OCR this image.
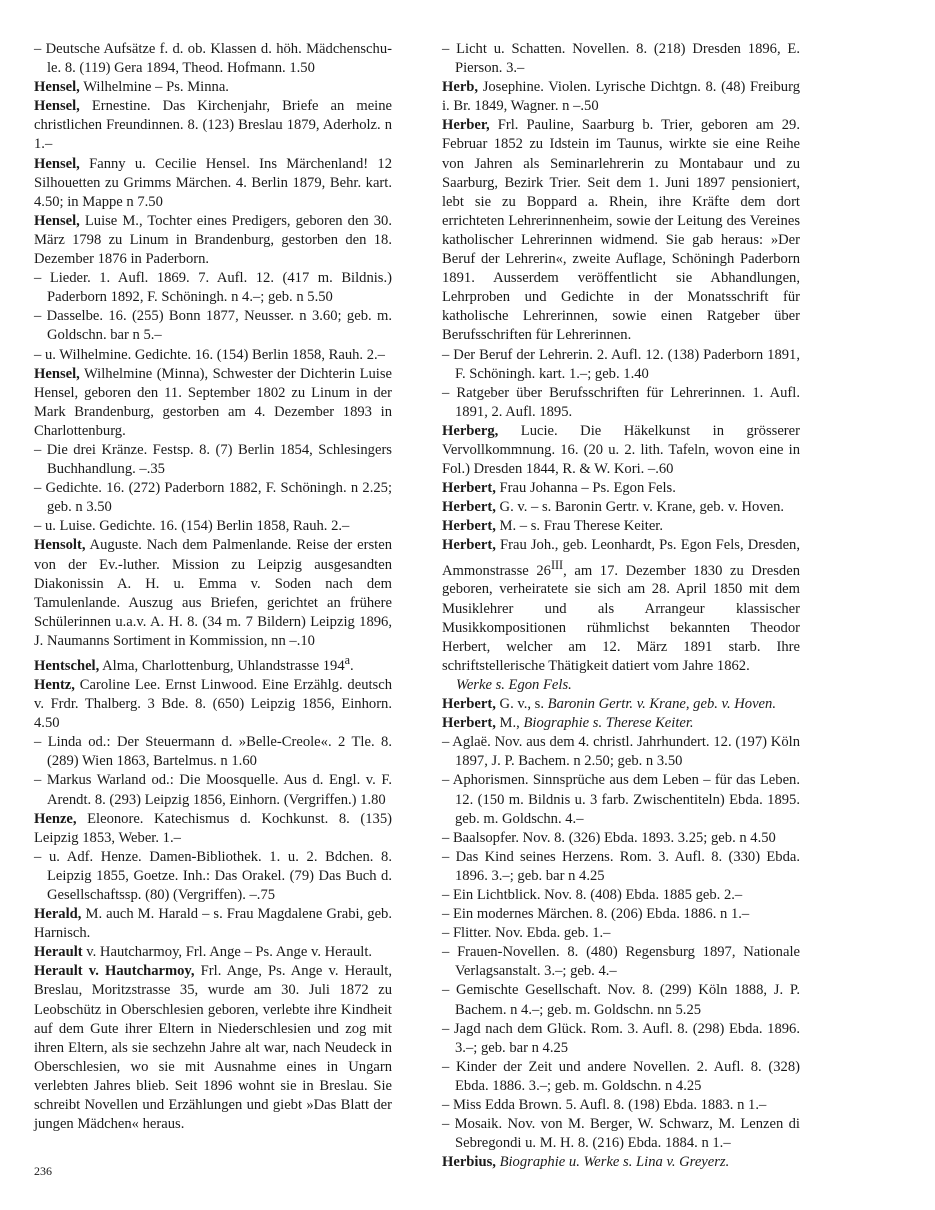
– Deutsche Aufsätze f. d. ob. Klassen d. höh. Mädchenschu-le. 8. (119) Gera 1894, Theod. Hofmann. 1.50

Hensel, Wilhelmine – Ps. Minna.

Hensel, Ernestine. Das Kirchenjahr, Briefe an meine christlichen Freundinnen. 8. (123) Breslau 1879, Aderholz. n 1.–

Hensel, Fanny u. Cecilie Hensel. Ins Märchenland! 12 Silhouetten zu Grimms Märchen. 4. Berlin 1879, Behr. kart. 4.50; in Mappe n 7.50

Hensel, Luise M., Tochter eines Predigers, geboren den 30. März 1798 zu Linum in Brandenburg, gestorben den 18. Dezember 1876 in Paderborn.

– Lieder. 1. Aufl. 1869. 7. Aufl. 12. (417 m. Bildnis.) Paderborn 1892, F. Schöningh. n 4.–; geb. n 5.50

– Dasselbe. 16. (255) Bonn 1877, Neusser. n 3.60; geb. m. Goldschn. bar n 5.–

– u. Wilhelmine. Gedichte. 16. (154) Berlin 1858, Rauh. 2.–

Hensel, Wilhelmine (Minna), Schwester der Dichterin Luise Hensel, geboren den 11. September 1802 zu Linum in der Mark Brandenburg, gestorben am 4. Dezember 1893 in Charlottenburg.

– Die drei Kränze. Festsp. 8. (7) Berlin 1854, Schlesingers Buchhandlung. –.35

– Gedichte. 16. (272) Paderborn 1882, F. Schöningh. n 2.25; geb. n 3.50

– u. Luise. Gedichte. 16. (154) Berlin 1858, Rauh. 2.–

Hensolt, Auguste. Nach dem Palmenlande. Reise der ersten von der Ev.-luther. Mission zu Leipzig ausgesandten Diakonissin A. H. u. Emma v. Soden nach dem Tamulenlande. Auszug aus Briefen, gerichtet an frühere Schülerinnen u.a.v. A. H. 8. (34 m. 7 Bildern) Leipzig 1896, J. Naumanns Sortiment in Kommission, nn –.10

Hentschel, Alma, Charlottenburg, Uhlandstrasse 194$^a$.

Hentz, Caroline Lee. Ernst Linwood. Eine Erzählg. deutsch v. Frdr. Thalberg. 3 Bde. 8. (650) Leipzig 1856, Einhorn. 4.50

– Linda od.: Der Steuermann d. »Belle-Creole«. 2 Tle. 8. (289) Wien 1863, Bartelmus. n 1.60

– Markus Warland od.: Die Moosquelle. Aus d. Engl. v. F. Arendt. 8. (293) Leipzig 1856, Einhorn. (Vergriffen.) 1.80

Henze, Eleonore. Katechismus d. Kochkunst. 8. (135) Leipzig 1853, Weber. 1.–

– u. Adf. Henze. Damen-Bibliothek. 1. u. 2. Bdchen. 8. Leipzig 1855, Goetze. Inh.: Das Orakel. (79) Das Buch d. Gesellschaftssp. (80) (Vergriffen). –.75

Herald, M. auch M. Harald – s. Frau Magdalene Grabi, geb. Harnisch.

Herault v. Hautcharmoy, Frl. Ange – Ps. Ange v. Herault.

Herault v. Hautcharmoy, Frl. Ange, Ps. Ange v. Herault, Breslau, Moritzstrasse 35, wurde am 30. Juli 1872 zu Leobschütz in Oberschlesien geboren, verlebte ihre Kindheit auf dem Gute ihrer Eltern in Niederschlesien und zog mit ihren Eltern, als sie sechzehn Jahre alt war, nach Neudeck in Oberschlesien, wo sie mit Ausnahme eines in Ungarn verlebten Jahres blieb. Seit 1896 wohnt sie in Breslau. Sie schreibt Novellen und Erzählungen und giebt »Das Blatt der jungen Mädchen« heraus.

– Licht u. Schatten. Novellen. 8. (218) Dresden 1896, E. Pierson. 3.–

Herb, Josephine. Violen. Lyrische Dichtgn. 8. (48) Freiburg i. Br. 1849, Wagner. n –.50

Herber, Frl. Pauline, Saarburg b. Trier, geboren am 29. Februar 1852 zu Idstein im Taunus, wirkte sie eine Reihe von Jahren als Seminarlehrerin zu Montabaur und zu Saarburg, Bezirk Trier. Seit dem 1. Juni 1897 pensioniert, lebt sie zu Boppard a. Rhein, ihre Kräfte dem dort errichteten Lehrerinnenheim, sowie der Leitung des Vereines katholischer Lehrerinnen widmend. Sie gab heraus: »Der Beruf der Lehrerin«, zweite Auflage, Schöningh Paderborn 1891. Ausserdem veröffentlicht sie Abhandlungen, Lehrproben und Gedichte in der Monatsschrift für katholische Lehrerinnen, sowie einen Ratgeber über Berufsschriften für Lehrerinnen.

– Der Beruf der Lehrerin. 2. Aufl. 12. (138) Paderborn 1891, F. Schöningh. kart. 1.–; geb. 1.40

– Ratgeber über Berufsschriften für Lehrerinnen. 1. Aufl. 1891, 2. Aufl. 1895.

Herberg, Lucie. Die Häkelkunst in grösserer Vervollkommnung. 16. (20 u. 2. lith. Tafeln, wovon eine in Fol.) Dresden 1844, R. & W. Kori. –.60

Herbert, Frau Johanna – Ps. Egon Fels.

Herbert, G. v. – s. Baronin Gertr. v. Krane, geb. v. Hoven.

Herbert, M. – s. Frau Therese Keiter.

Herbert, Frau Joh., geb. Leonhardt, Ps. Egon Fels, Dresden, Ammonstrasse $26^{III}$, am 17. Dezember 1830 zu Dresden geboren, verheiratete sie sich am 28. April 1850 mit dem Musiklehrer und als Arrangeur klassischer Musikkompositionen rühmlichst bekannten Theodor Herbert, welcher am 12. März 1891 starb. Ihre schriftstellerische Thätigkeit datiert vom Jahre 1862.

Werke s. Egon Fels.

Herbert, G. v., s. Baronin Gertr. v. Krane, geb. v. Hoven.

Herbert, M., Biographie s. Therese Keiter.

– Aglaë. Nov. aus dem 4. christl. Jahrhundert. 12. (197) Köln 1897, J. P. Bachem. n 2.50; geb. n 3.50

– Aphorismen. Sinnsprüche aus dem Leben – für das Leben. 12. (150 m. Bildnis u. 3 farb. Zwischentiteln) Ebda. 1895. geb. m. Goldschn. 4.–

– Baalsopfer. Nov. 8. (326) Ebda. 1893. 3.25; geb. n 4.50

– Das Kind seines Herzens. Rom. 3. Aufl. 8. (330) Ebda. 1896. 3.–; geb. bar n 4.25

– Ein Lichtblick. Nov. 8. (408) Ebda. 1885 geb. 2.–

– Ein modernes Märchen. 8. (206) Ebda. 1886. n 1.–

– Flitter. Nov. Ebda. geb. 1.–

– Frauen-Novellen. 8. (480) Regensburg 1897, Nationale Verlagsanstalt. 3.–; geb. 4.–

– Gemischte Gesellschaft. Nov. 8. (299) Köln 1888, J. P. Bachem. n 4.–; geb. m. Goldschn. nn 5.25

– Jagd nach dem Glück. Rom. 3. Aufl. 8. (298) Ebda. 1896. 3.–; geb. bar n 4.25

– Kinder der Zeit und andere Novellen. 2. Aufl. 8. (328) Ebda. 1886. 3.–; geb. m. Goldschn. n 4.25

– Miss Edda Brown. 5. Aufl. 8. (198) Ebda. 1883. n 1.–

– Mosaik. Nov. von M. Berger, W. Schwarz, M. Lenzen di Sebregondi u. M. H. 8. (216) Ebda. 1884. n 1.–

Herbius, Biographie u. Werke s. Lina v. Greyerz.

236
